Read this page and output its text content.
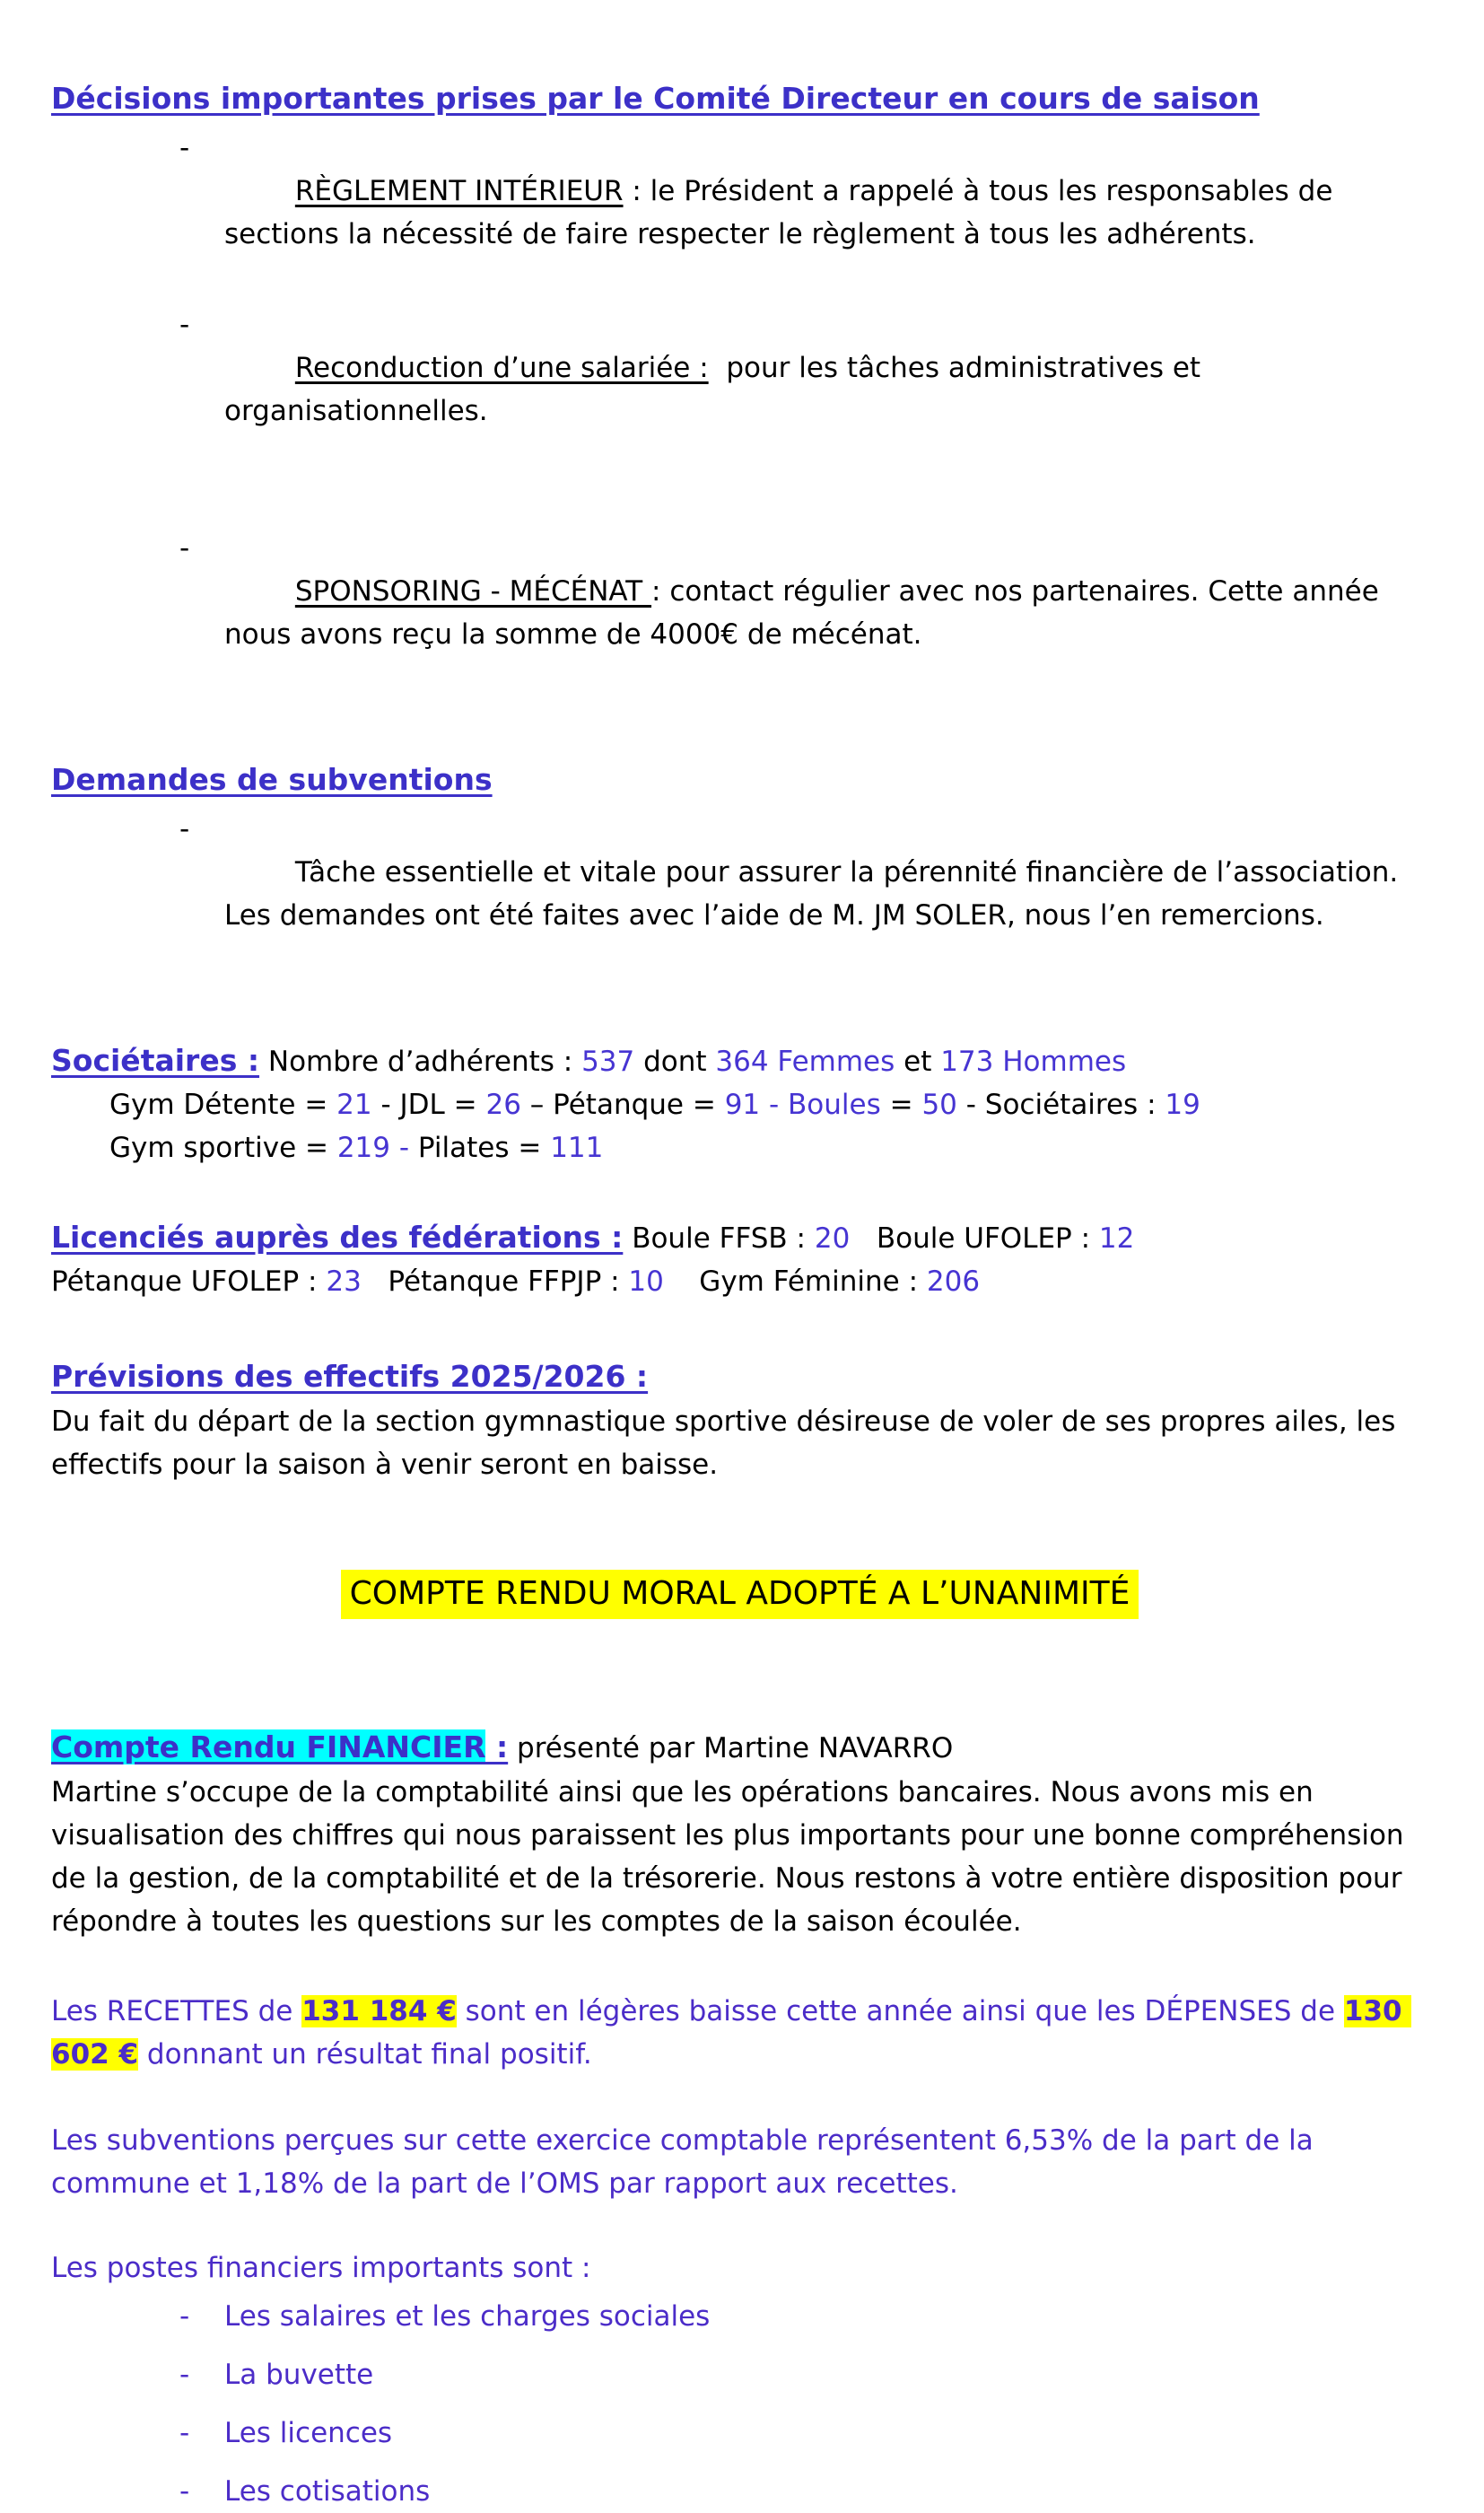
Décisions importantes prises par le Comité Directeur en cours de saison

-
RÈGLEMENT INTÉRIEUR : le Président a rappelé à tous les responsables de sections la nécessité de faire respecter le règlement à tous les adhérents.

-
Reconduction d’une salariée :  pour les tâches administratives et organisationnelles.

-
SPONSORING - MÉCÉNAT : contact régulier avec nos partenaires. Cette année nous avons reçu la somme de 4000€ de mécénat.

Demandes de subventions

-
Tâche essentielle et vitale pour assurer la pérennité financière de l’association. Les demandes ont été faites avec l’aide de M. JM SOLER, nous l’en remercions.

Sociétaires : Nombre d’adhérents : 537 dont 364 Femmes et 173 Hommes

Gym Détente = 21 - JDL = 26 – Pétanque = 91 - Boules = 50 - Sociétaires : 19

Gym sportive = 219 - Pilates = 111

Licenciés auprès des fédérations : Boule FFSB : 20   Boule UFOLEP : 12

Pétanque UFOLEP : 23   Pétanque FFPJP : 10    Gym Féminine : 206

Prévisions des effectifs 2025/2026 :

Du fait du départ de la section gymnastique sportive désireuse de voler de ses propres ailes, les effectifs pour la saison à venir seront en baisse.

COMPTE RENDU MORAL ADOPTÉ A L’UNANIMITÉ

Compte Rendu FINANCIER : présenté par Martine NAVARRO

Martine s’occupe de la comptabilité ainsi que les opérations bancaires. Nous avons mis en visualisation des chiffres qui nous paraissent les plus importants pour une bonne compréhension de la gestion, de la comptabilité et de la trésorerie. Nous restons à votre entière disposition pour répondre à toutes les questions sur les comptes de la saison écoulée.

Les RECETTES de 131 184 € sont en légères baisse cette année ainsi que les DÉPENSES de 130 602 € donnant un résultat final positif.

Les subventions perçues sur cette exercice comptable représentent 6,53% de la part de la commune et 1,18% de la part de l’OMS par rapport aux recettes.

Les postes financiers importants sont :

- Les salaires et les charges sociales
- La buvette
- Les licences
- Les cotisations
